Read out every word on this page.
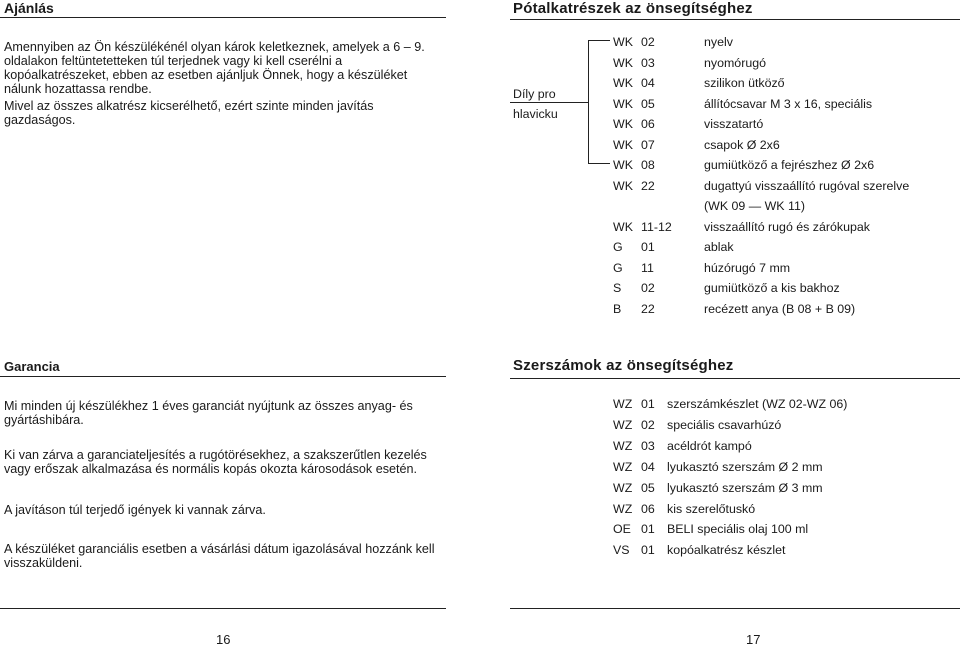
Ajánlás
Amennyiben az Ön készülékénél olyan károk keletkeznek, amelyek a 6 – 9. oldalakon feltüntetetteken túl terjednek vagy ki kell cserélni a kopóalkatrészeket, ebben az esetben ajánljuk Önnek, hogy a készüléket nálunk hozattassa rendbe.
Mivel az összes alkatrész kicserélhető, ezért szinte minden javítás gazdaságos.
Pótalkatrészek az önsegítséghez
Díly pro
hlavicku
WK 02	nyelv
WK 03	nyomórugó
WK 04	szilikon ütköző
WK 05	állítócsavar M 3 x 16, speciális
WK 06	visszatartó
WK 07	csapok Ø 2x6
WK 08	gumiütköző a fejrészhez Ø 2x6
WK 22	dugattyú visszaállító rugóval szerelve
(WK 09 — WK 11)
WK 11-12	visszaállító rugó és zárókupak
G 01	ablak
G 11	húzórugó 7 mm
S 02	gumiütköző a kis bakhoz
B 22	recézett anya (B 08 + B 09)
Garancia
Mi minden új készülékhez 1 éves garanciát nyújtunk az összes anyag- és gyártáshibára.
Ki van zárva a garanciateljesítés a rugótörésekhez, a szakszerűtlen kezelés vagy erőszak alkalmazása és normális kopás okozta károsodások esetén.
A javításon túl terjedő igények ki vannak zárva.
A készüléket garanciális esetben a vásárlási dátum igazolásával hozzánk kell visszaküldeni.
Szerszámok az önsegítséghez
WZ 01 szerszámkészlet (WZ 02-WZ 06)
WZ 02 speciális csavarhúzó
WZ 03 acéldrót kampó
WZ 04 lyukasztó szerszám Ø 2 mm
WZ 05 lyukasztó szerszám Ø 3 mm
WZ 06 kis szerelőtuskó
OE 01 BELI speciális olaj 100 ml
VS 01 kopóalkatrész készlet
16	17
